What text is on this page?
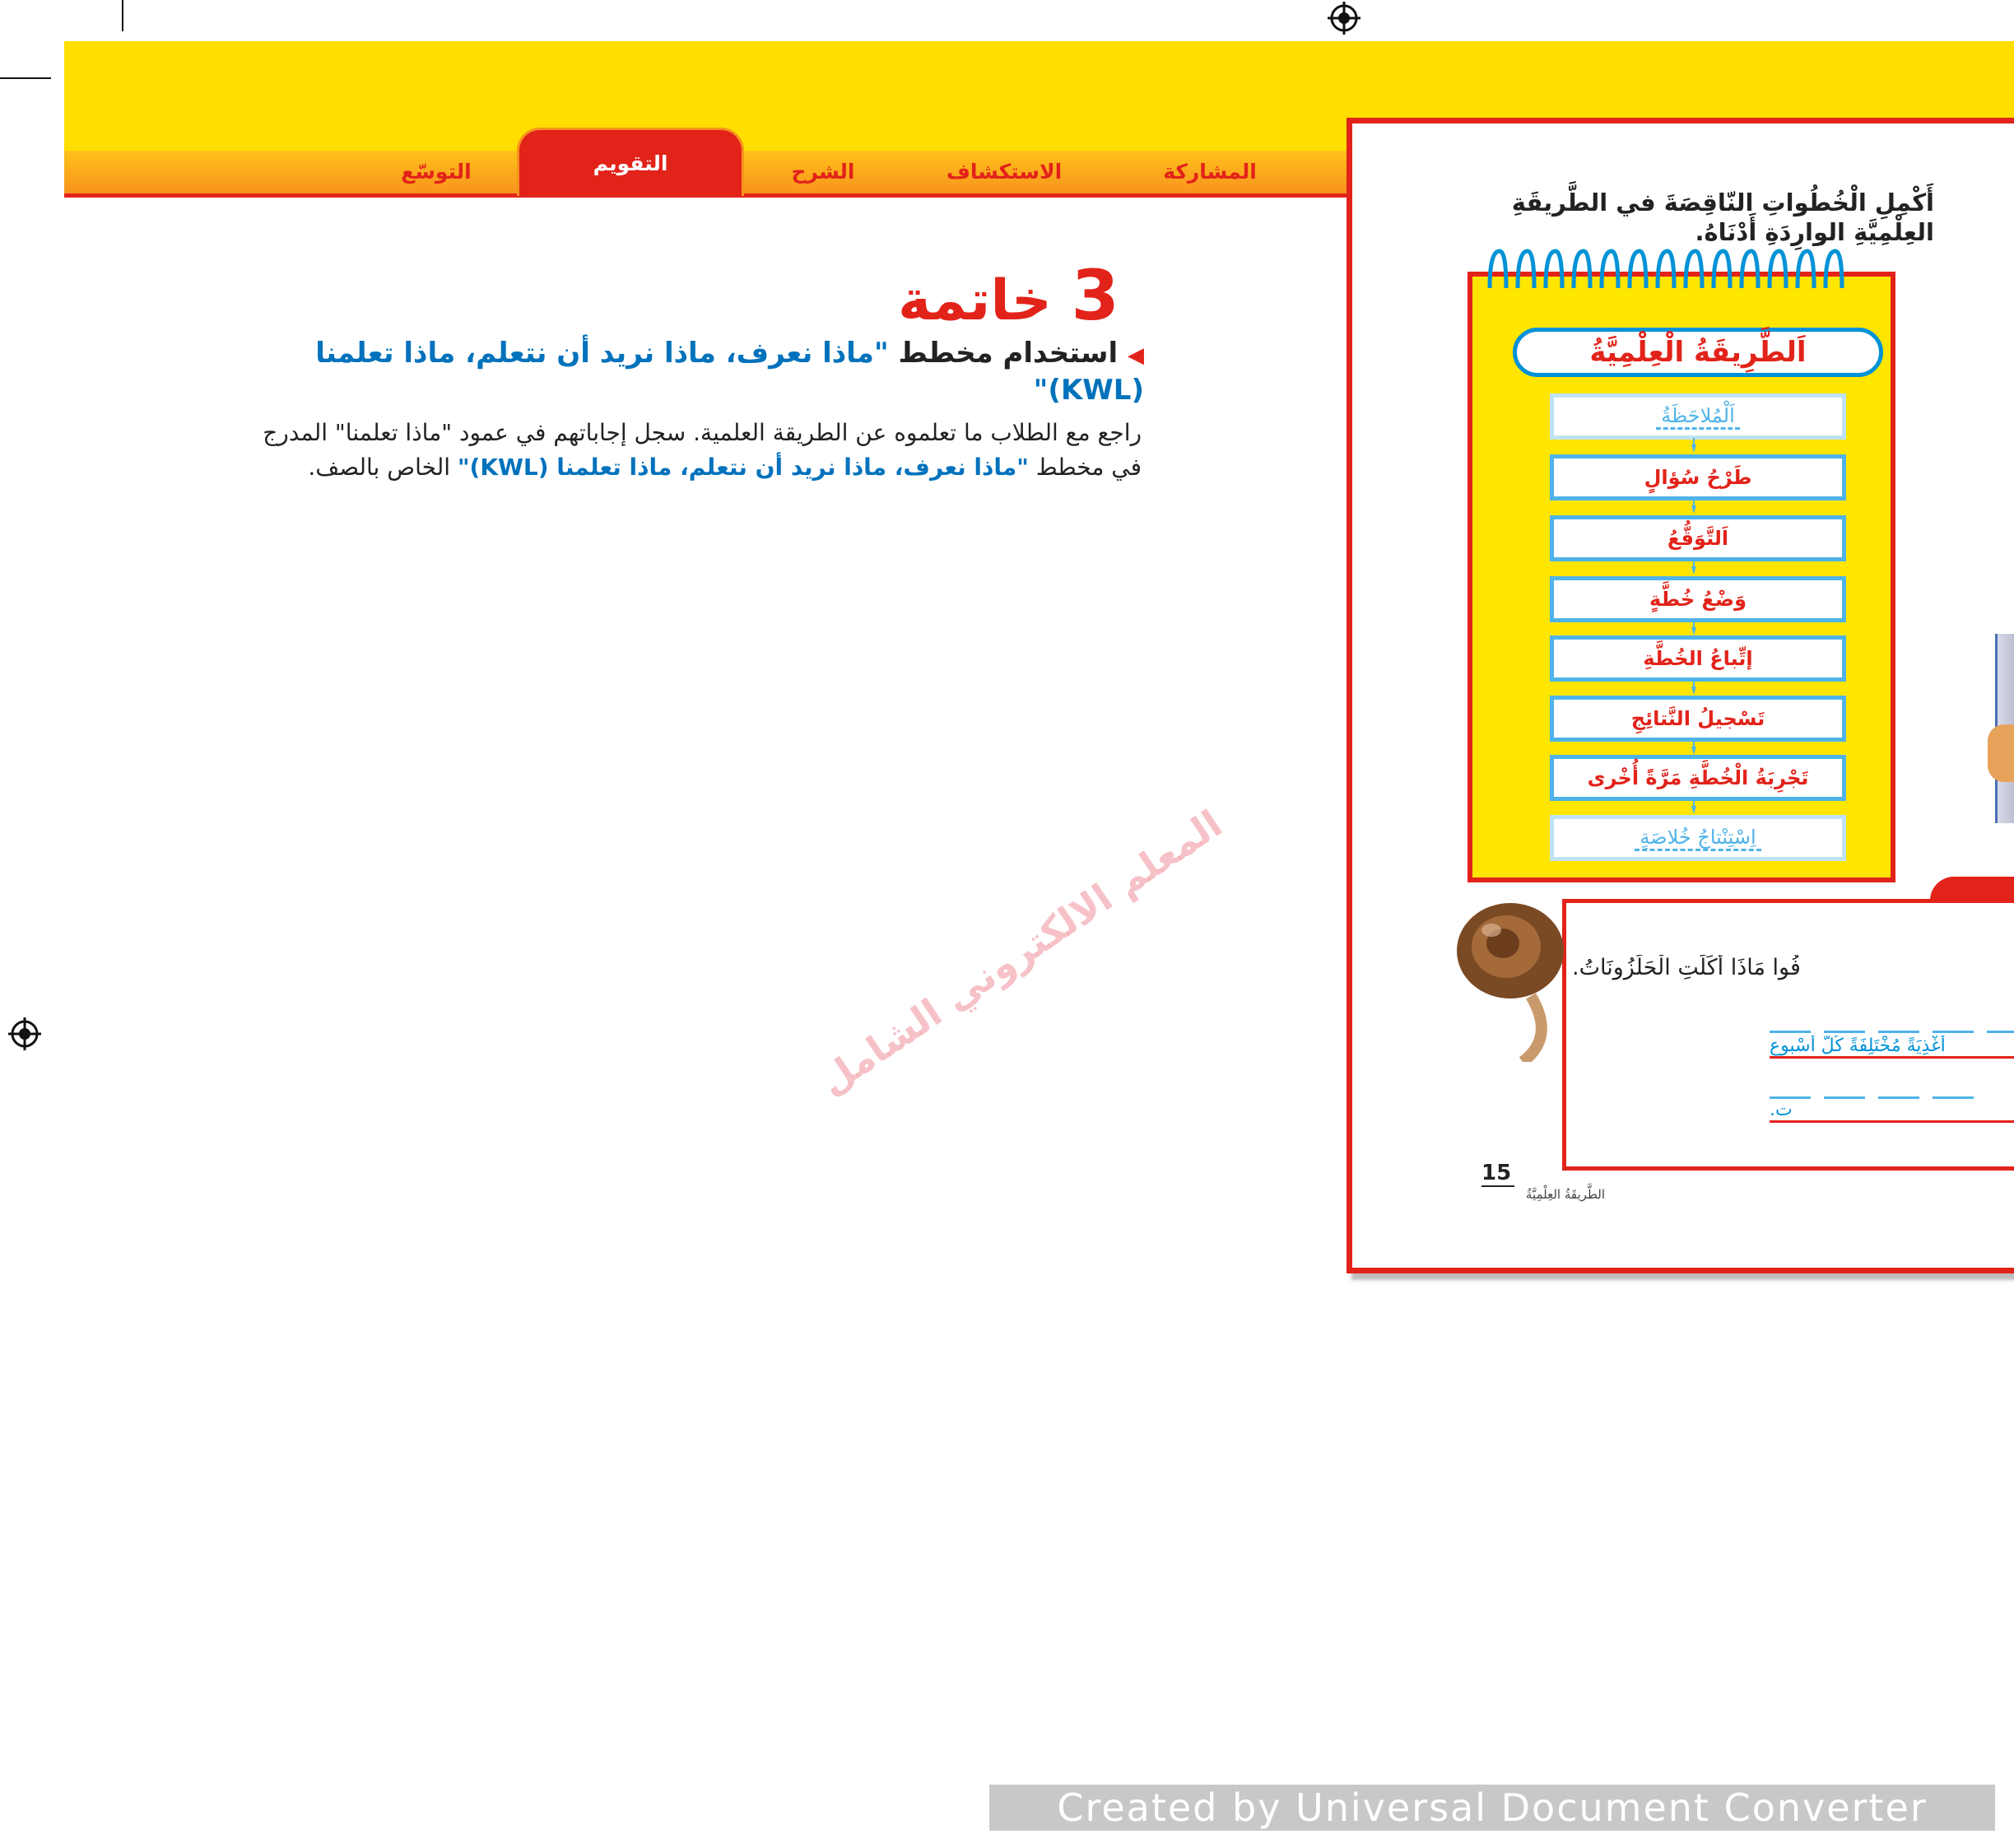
المشاركة
الاستكشاف
الشرح
التقويم
التوسّع
3 خاتمة
◀ استخدام مخطط "ماذا نعرف، ماذا نريد أن نتعلم، ماذا تعلمنا (KWL)"
راجع مع الطلاب ما تعلموه عن الطريقة العلمية. سجل إجاباتهم في عمود "ماذا تعلمنا" المدرج في مخطط "ماذا نعرف، ماذا نريد أن نتعلم، ماذا تعلمنا (KWL)" الخاص بالصف.
المعلم الالكتروني الشامل
أَكْمِلِ الْخُطُواتِ النّاقِصَةَ في الطَّريقَةِ العِلْمِيَّةِ الوارِدَةِ أَدْنَاهُ.
اَلطَّرِيقَةُ الْعِلْمِيَّةُ
اَلْمُلاحَظَةُ
طَرْحُ سُؤالٍ
اَلتَّوَقُّعُ
وَضْعُ خُطَّةٍ
إتِّباعُ الخُطَّةِ
تَسْجيلُ النَّتائِجِ
تَجْرِبَةُ الْخُطَّةِ مَرَّةً أُخْرى
اِسْتِنْتاجُ خُلاصَةٍ
فُوا مَاذَا أَكَلَتِ الْحَلَزُونَاتُ.
أَغْذِيَةً مُخْتَلِفَةً كُلَّ أُسْبوعٍ
ت.
15
الطَّريقَةُ العِلْمِيَّةُ
Created by Universal Document Converter
